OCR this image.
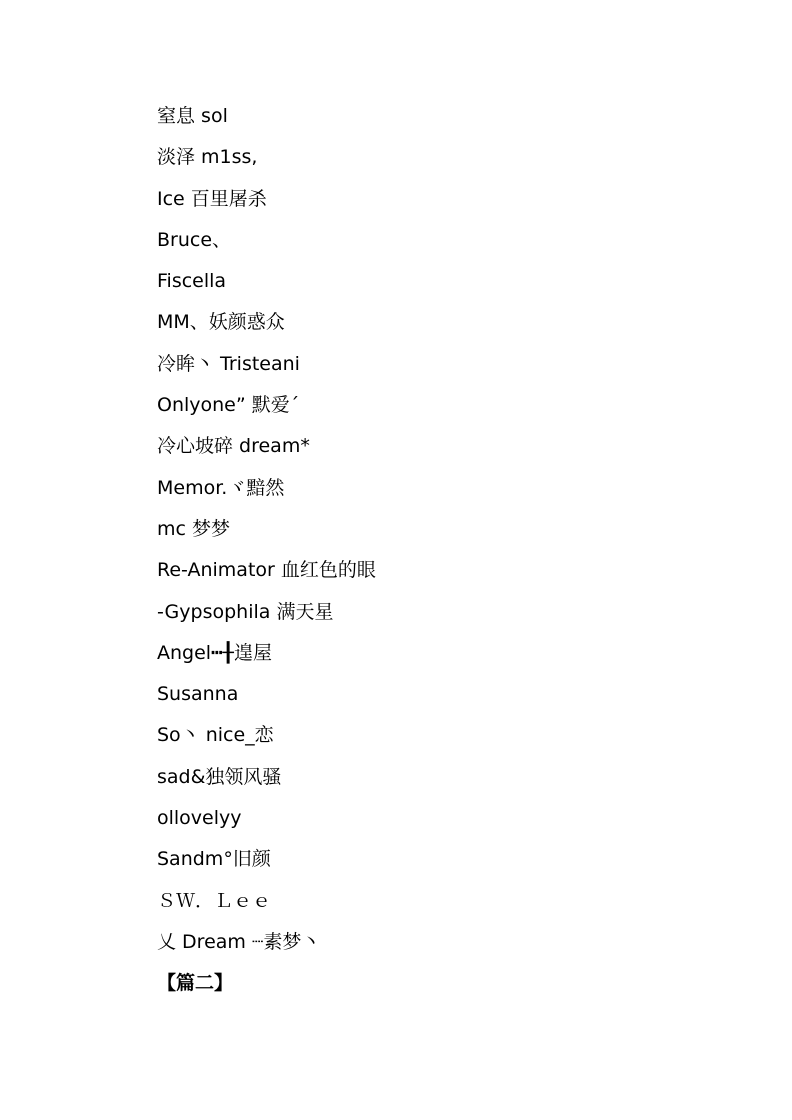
窒息 sol
淡泽 m1ss,
Ice 百里屠杀
Bruce、
Fiscella
MM、妖颜惑众
冷眸丶 Tristeani
Onlyone” 默爱ˊ
冷心坡碎 dream*
Memor.ヾ黯然
mc 梦梦
Re-Animator 血红色的眼
-Gypsophila 满天星
Angel┅╂遑屋
Susanna
So丶 nice_恋
sad&独领风骚
ollovelyy
Sandm°旧颜
ＳＷ．Ｌｅｅ
乂 Dream ┈素梦丶
【篇二】
